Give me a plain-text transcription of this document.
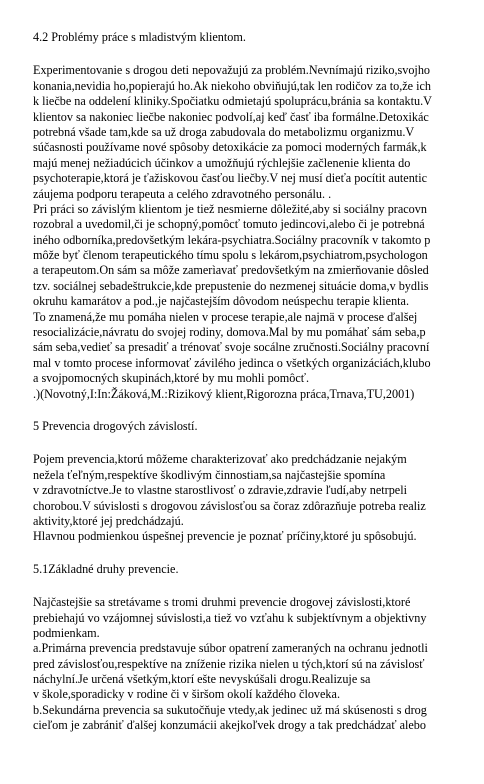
4.2 Problémy práce s mladistvým klientom.
Experimentovanie s drogou deti nepovažujú za problém.Nevnímajú riziko,svojho
konania,nevidia ho,popierajú ho.Ak niekoho obviňujú,tak len rodičov za to,že ich
k liečbe na oddelení kliniky.Spočiatku odmietajú spoluprácu,bránia sa kontaktu.V
klientov sa nakoniec liečbe nakoniec podvolí,aj keď časť iba formálne.Detoxikác
potrebná všade tam,kde sa už droga zabudovala do metabolizmu organizmu.V
súčasnosti používame nové spôsoby detoxikácie za pomoci moderných farmák,k
majú menej nežiadúcich účinkov a umožňujú rýchlejšie začlenenie klienta do
psychoterapie,ktorá je ťažiskovou časťou liečby.V nej musí dieťa pocítit autentic
záujema podporu terapeuta a celého zdravotného personálu. .
Pri práci so závislým klientom je tiež nesmierne dôležité,aby si sociálny pracovn
rozobral a uvedomil,či je schopný,pomôcť tomuto jedincovi,alebo či je potrebná
iného odborníka,predovšetkým lekára-psychiatra.Sociálny pracovník v takomto p
môže byť členom terapeutického tímu spolu s lekárom,psychiatrom,psychologon
a terapeutom.On sám sa môže zamerìavať predovšetkým na zmierňovanie dôsled
tzv. sociálnej sebadeštrukcie,kde prepustenie do nezmenej situácie doma,v bydlis
okruhu kamarátov a pod.,je najčastejším dôvodom neúspechu terapie klienta.
To znamená,že mu pomáha nielen v procese terapie,ale najmä v procese ďalšej
resocializácie,návratu do svojej rodiny, domova.Mal by mu pomáhať sám seba,p
sám seba,vedieť sa presadiť a trénovať svoje socálne zručnosti.Sociálny pracovní
mal v tomto procese informovať závilého jedinca o všetkých organizáciách,klubo
a svojpomocných skupinách,ktoré by mu mohli pomôcť.
.)(Novotný,I:In:Žáková,M.:Rizikový klient,Rigorozna práca,Trnava,TU,2001)
5 Prevencia drogových závislostí.
Pojem prevencia,ktorú môžeme charakterizovať ako predchádzanie nejakým
nežela ťeľným,respektíve škodlivým činnostiam,sa najčastejšie spomína
v zdravotníctve.Je to vlastne starostlivosť o zdravie,zdravie ľudí,aby netrpeli
chorobou.V súvislosti s drogovou závislosťou sa čoraz zdôrazňuje potreba realiz
aktivity,ktoré jej predchádzajú.
Hlavnou podmienkou úspešnej prevencie je poznať príčiny,ktoré ju spôsobujú.
5.1Základné druhy prevencie.
Najčastejšie sa stretávame s tromi druhmi prevencie drogovej závislosti,ktoré
prebiehajú vo vzájomnej súvislosti,a tiež vo vzťahu k subjektívnym a objektivny
podmienkam.
a.Primárna prevencia predstavuje súbor opatrení zameraných na ochranu jednotli
pred závislosťou,respektíve na zníženie rizika nielen u tých,ktorí sú na závislosť
náchylní.Je určená všetkým,ktorí ešte nevyskúšali drogu.Realizuje sa
v škole,sporadicky v rodine či v širšom okolí každého človeka.
b.Sekundárna prevencia sa sukutočňuje vtedy,ak jedinec už má skúsenosti s drog
cieľom je zabrániť ďalšej konzumácii akejkoľvek drogy a tak predchádzať alebo
